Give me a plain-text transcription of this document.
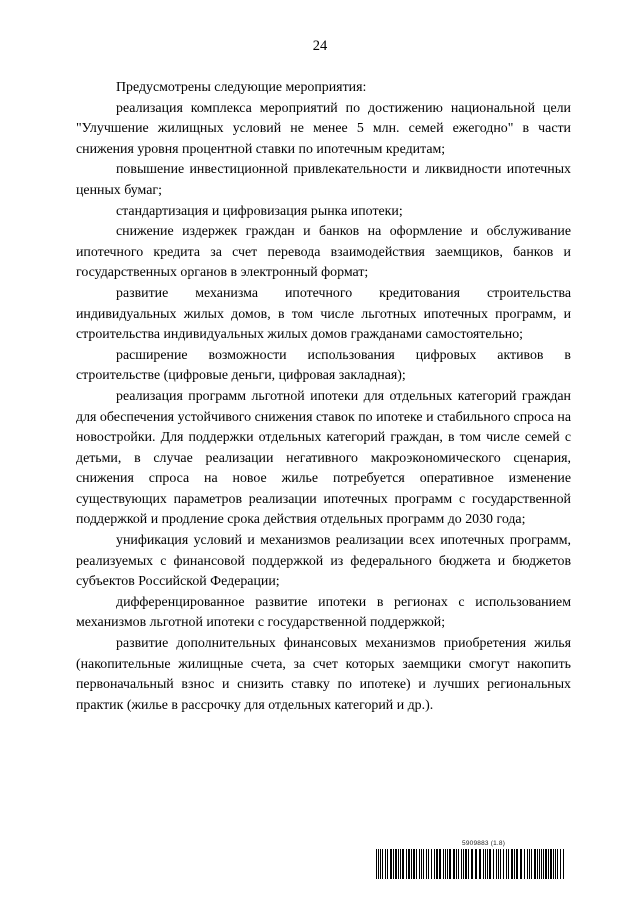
24

Предусмотрены следующие мероприятия:

реализация комплекса мероприятий по достижению национальной цели "Улучшение жилищных условий не менее 5 млн. семей ежегодно" в части снижения уровня процентной ставки по ипотечным кредитам;

повышение инвестиционной привлекательности и ликвидности ипотечных ценных бумаг;

стандартизация и цифровизация рынка ипотеки;

снижение издержек граждан и банков на оформление и обслуживание ипотечного кредита за счет перевода взаимодействия заемщиков, банков и государственных органов в электронный формат;

развитие механизма ипотечного кредитования строительства индивидуальных жилых домов, в том числе льготных ипотечных программ, и строительства индивидуальных жилых домов гражданами самостоятельно;

расширение возможности использования цифровых активов в строительстве (цифровые деньги, цифровая закладная);

реализация программ льготной ипотеки для отдельных категорий граждан для обеспечения устойчивого снижения ставок по ипотеке и стабильного спроса на новостройки. Для поддержки отдельных категорий граждан, в том числе семей с детьми, в случае реализации негативного макроэкономического сценария, снижения спроса на новое жилье потребуется оперативное изменение существующих параметров реализации ипотечных программ с государственной поддержкой и продление срока действия отдельных программ до 2030 года;

унификация условий и механизмов реализации всех ипотечных программ, реализуемых с финансовой поддержкой из федерального бюджета и бюджетов субъектов Российской Федерации;

дифференцированное развитие ипотеки в регионах с использованием механизмов льготной ипотеки с государственной поддержкой;

развитие дополнительных финансовых механизмов приобретения жилья (накопительные жилищные счета, за счет которых заемщики смогут накопить первоначальный взнос и снизить ставку по ипотеке) и лучших региональных практик (жилье в рассрочку для отдельных категорий и др.).

5909883 (1.8)
